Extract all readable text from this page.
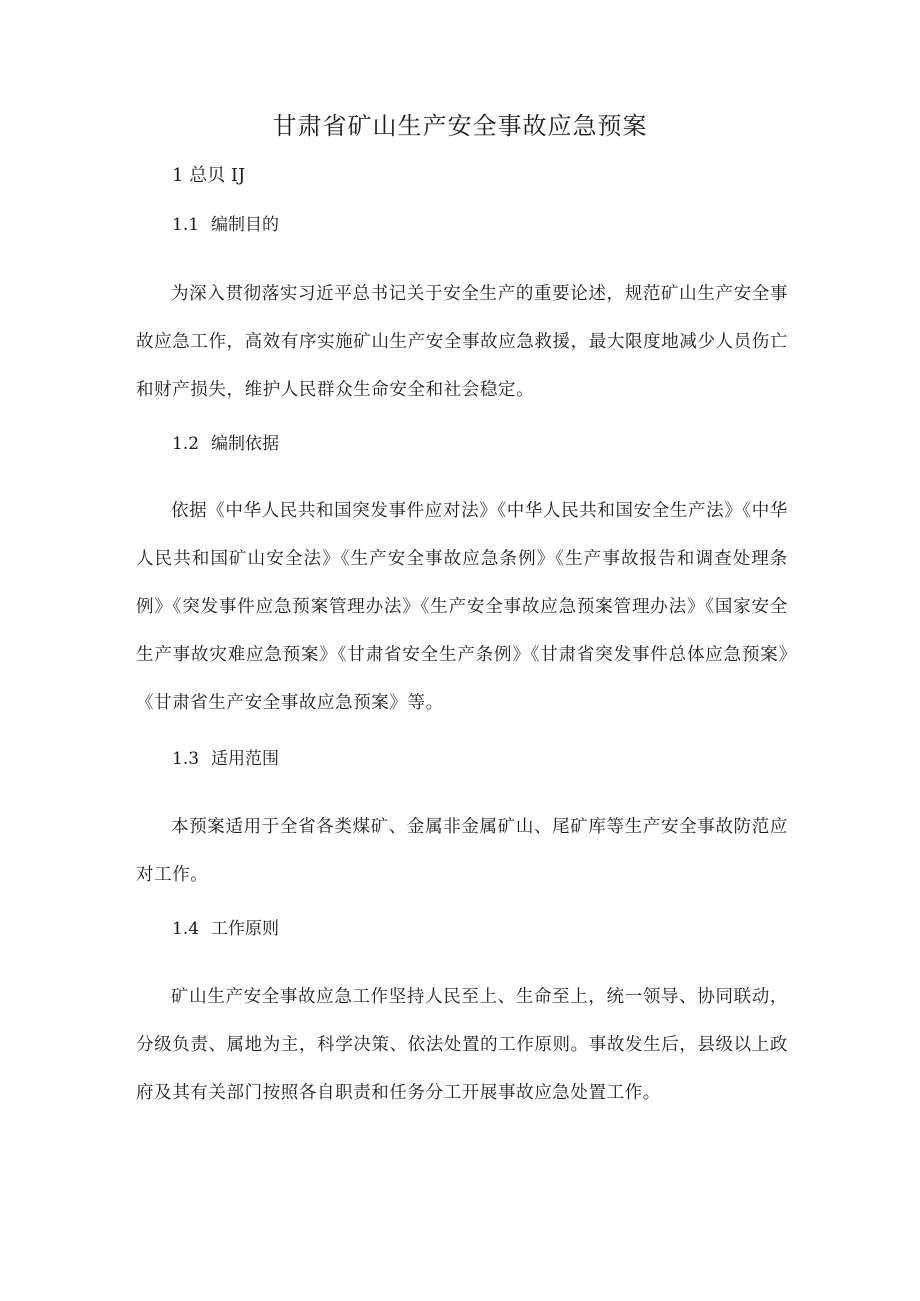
甘肃省矿山生产安全事故应急预案
1 总贝 IJ
1.1 编制目的

为深入贯彻落实习近平总书记关于安全生产的重要论述，规范矿山生产安全事故应急工作，高效有序实施矿山生产安全事故应急救援，最大限度地减少人员伤亡和财产损失，维护人民群众生命安全和社会稳定。

1.2 编制依据

依据《中华人民共和国突发事件应对法》《中华人民共和国安全生产法》《中华人民共和国矿山安全法》《生产安全事故应急条例》《生产事故报告和调查处理条例》《突发事件应急预案管理办法》《生产安全事故应急预案管理办法》《国家安全生产事故灾难应急预案》《甘肃省安全生产条例》《甘肃省突发事件总体应急预案》《甘肃省生产安全事故应急预案》等。

1.3 适用范围

本预案适用于全省各类煤矿、金属非金属矿山、尾矿库等生产安全事故防范应对工作。

1.4 工作原则

矿山生产安全事故应急工作坚持人民至上、生命至上，统一领导、协同联动，分级负责、属地为主，科学决策、依法处置的工作原则。事故发生后，县级以上政府及其有关部门按照各自职责和任务分工开展事故应急处置工作。
